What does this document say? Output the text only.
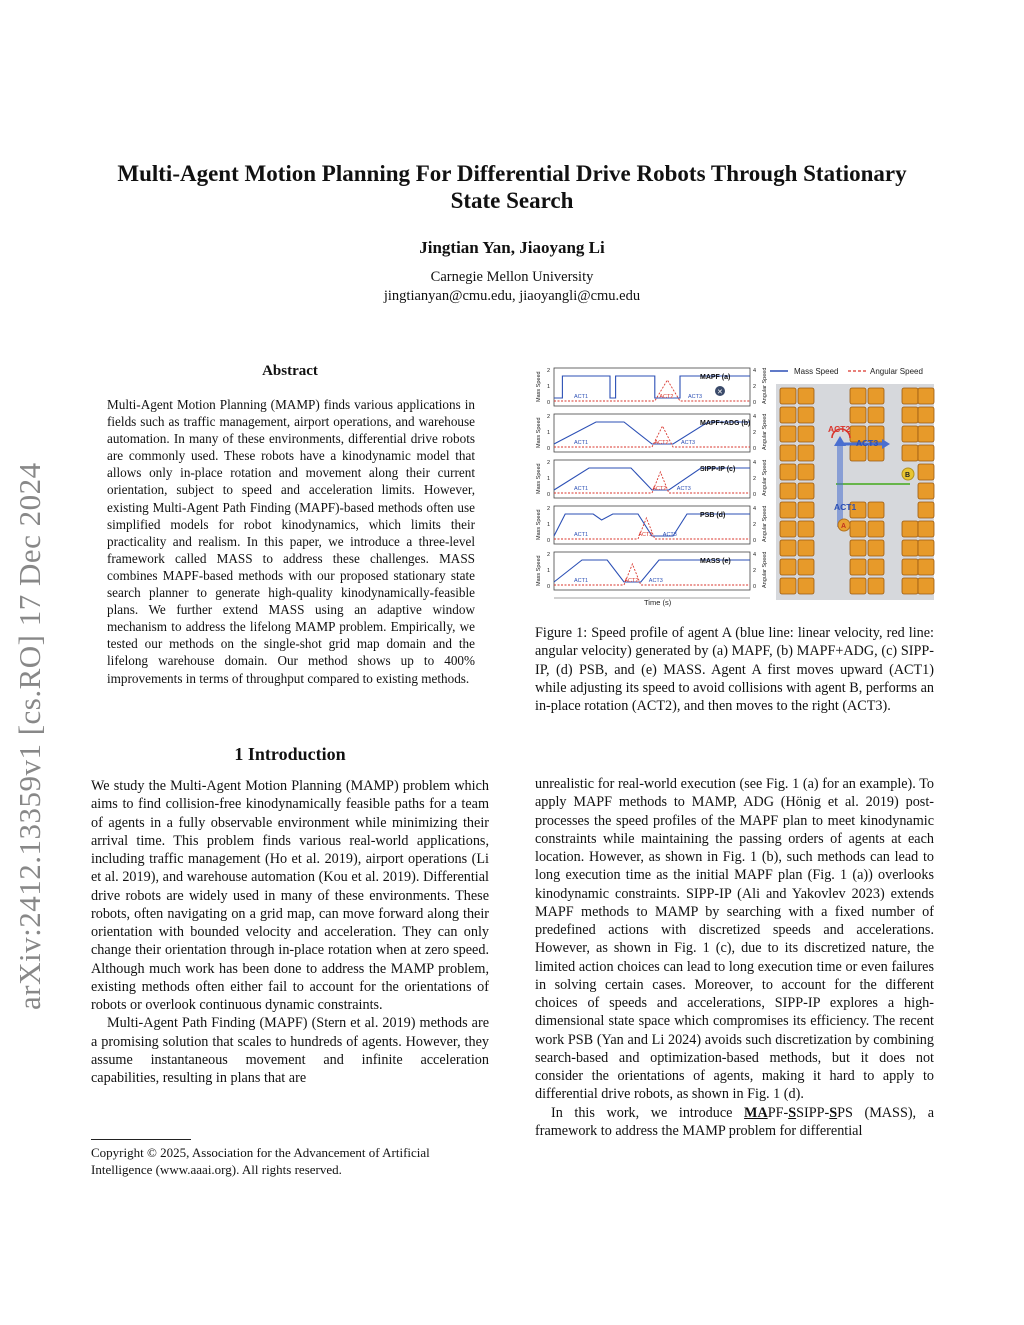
Multi-Agent Motion Planning For Differential Drive Robots Through Stationary State Search
Jingtian Yan, Jiaoyang Li
Carnegie Mellon University
jingtianyan@cmu.edu, jiaoyangli@cmu.edu
arXiv:2412.13359v1 [cs.RO] 17 Dec 2024
Abstract
Multi-Agent Motion Planning (MAMP) finds various applications in fields such as traffic management, airport operations, and warehouse automation. In many of these environments, differential drive robots are commonly used. These robots have a kinodynamic model that allows only in-place rotation and movement along their current orientation, subject to speed and acceleration limits. However, existing Multi-Agent Path Finding (MAPF)-based methods often use simplified models for robot kinodynamics, which limits their practicality and realism. In this paper, we introduce a three-level framework called MASS to address these challenges. MASS combines MAPF-based methods with our proposed stationary state search planner to generate high-quality kinodynamically-feasible plans. We further extend MASS using an adaptive window mechanism to address the lifelong MAMP problem. Empirically, we tested our methods on the single-shot grid map domain and the lifelong warehouse domain. Our method shows up to 400% improvements in terms of throughput compared to existing methods.
1 Introduction

We study the Multi-Agent Motion Planning (MAMP) problem which aims to find collision-free kinodynamically feasible paths for a team of agents in a fully observable environment while minimizing their arrival time. This problem finds various real-world applications, including traffic management (Ho et al. 2019), airport operations (Li et al. 2019), and warehouse automation (Kou et al. 2019). Differential drive robots are widely used in many of these environments. These robots, often navigating on a grid map, can move forward along their orientation with bounded velocity and acceleration. They can only change their orientation through in-place rotation when at zero speed. Although much work has been done to address the MAMP problem, existing methods often either fail to account for the orientations of robots or overlook continuous dynamic constraints.

Multi-Agent Path Finding (MAPF) (Stern et al. 2019) methods are a promising solution that scales to hundreds of agents. However, they assume instantaneous movement and infinite acceleration capabilities, resulting in plans that are

Copyright © 2025, Association for the Advancement of Artificial Intelligence (www.aaai.org). All rights reserved.

unrealistic for real-world execution (see Fig. 1 (a) for an example). To apply MAPF methods to MAMP, ADG (Hönig et al. 2019) post-processes the speed profiles of the MAPF plan to meet kinodynamic constraints while maintaining the passing orders of agents at each location. However, as shown in Fig. 1 (b), such methods can lead to long execution time as the initial MAPF plan (Fig. 1 (a)) overlooks kinodynamic constraints. SIPP-IP (Ali and Yakovlev 2023) extends MAPF methods to MAMP by searching with a fixed number of predefined actions with discretized speeds and accelerations. However, as shown in Fig. 1 (c), due to its discretized nature, the limited action choices can lead to long execution time or even failures in solving certain cases. Moreover, to account for the different choices of speeds and accelerations, SIPP-IP explores a high-dimensional state space which compromises its efficiency. The recent work PSB (Yan and Li 2024) avoids such discretization by combining search-based and optimization-based methods, but it does not consider the orientations of agents, making it hard to apply to differential drive robots, as shown in Fig. 1 (d).

In this work, we introduce MAPF-SSIPP-SPS (MASS), a framework to address the MAMP problem for differential

Mass Speed	Angular Speed
Mass Speed
2
1
0
4
2
0 Angular Speed
ACT1	ACT2	ACT3
MAPF (a)
✕
Mass Speed
2
1
0
4
2
0 Angular Speed
ACT1	ACT2 ACT3
MAPF+ADG (b)
Mass Speed
2
1
0
4
2
0 Angular Speed
ACT1	ACT2 ACT3
SIPP-IP (c)
Mass Speed
2
1
0
4
2
0 Angular Speed
ACT1	ACT2 ACT3
PSB (d)
Mass Speed
2
1
0
4
2
0 Angular Speed
ACT1	ACT2 ACT3
MASS (e)
Time (s)
ACT2
ACT3
ACT1
A
B
Figure 1: Speed profile of agent A (blue line: linear velocity, red line: angular velocity) generated by (a) MAPF, (b) MAPF+ADG, (c) SIPP-IP, (d) PSB, and (e) MASS. Agent A first moves upward (ACT1) while adjusting its speed to avoid collisions with agent B, performs an in-place rotation (ACT2), and then moves to the right (ACT3).
